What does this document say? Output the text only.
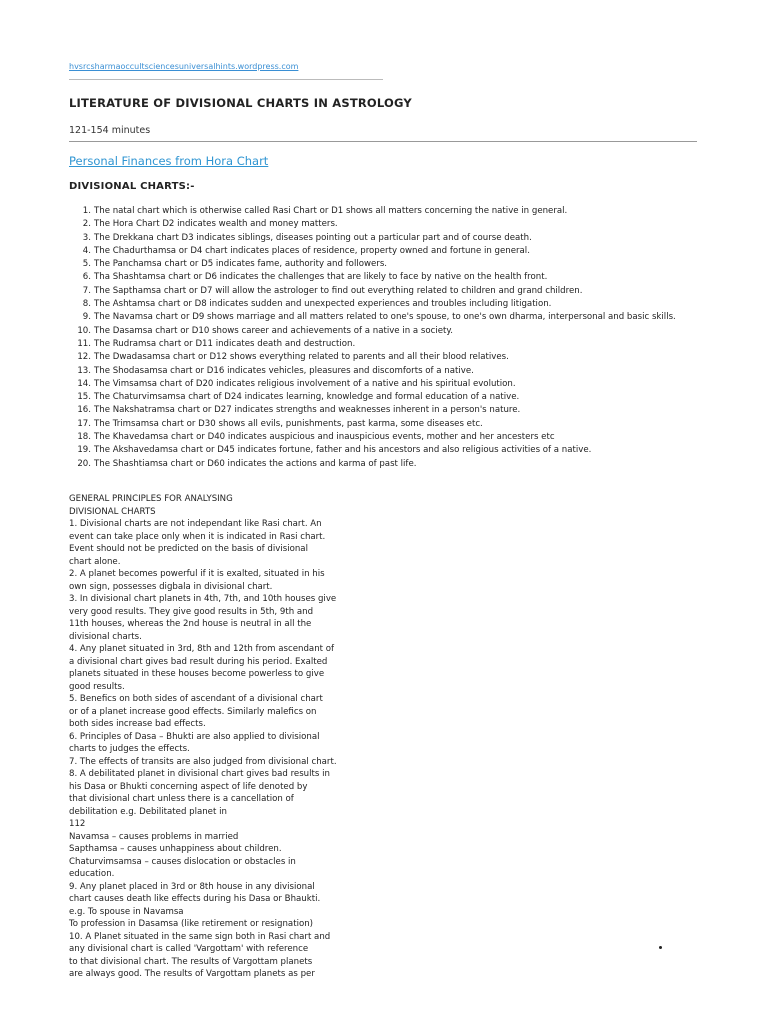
hvsrcsharmaoccultsciencesuniversalhints.wordpress.com
LITERATURE OF DIVISIONAL CHARTS IN ASTROLOGY
121-154 minutes
Personal Finances from Hora Chart
DIVISIONAL CHARTS:-
1. The natal chart which is otherwise called Rasi Chart or D1 shows all matters concerning the native in general.
2. The Hora Chart D2 indicates wealth and money matters.
3. The Drekkana chart D3 indicates siblings, diseases pointing out a particular part and of course death.
4. The Chadurthamsa or D4 chart indicates places of residence, property owned and fortune in general.
5. The Panchamsa chart or D5 indicates fame, authority and followers.
6. Tha Shashtamsa chart or D6 indicates the challenges that are likely to face by native on the health front.
7. The Sapthamsa chart or D7 will allow the astrologer to find out everything related to children and grand children.
8. The Ashtamsa chart or D8 indicates sudden and unexpected experiences and troubles including litigation.
9. The Navamsa chart or D9 shows marriage and all matters related to one's spouse, to one's own dharma, interpersonal and basic skills.
10. The Dasamsa chart or D10 shows career and achievements of a native in a society.
11. The Rudramsa chart or D11 indicates death and destruction.
12. The Dwadasamsa chart or D12 shows everything related to parents and all their blood relatives.
13. The Shodasamsa chart or D16 indicates vehicles, pleasures and discomforts of a native.
14. The Vimsamsa chart of D20 indicates religious involvement of a native and his spiritual evolution.
15. The Chaturvimsamsa chart of D24 indicates learning, knowledge and formal education of a native.
16. The Nakshatramsa chart or D27 indicates strengths and weaknesses inherent in a person's nature.
17. The Trimsamsa chart or D30 shows all evils, punishments, past karma, some diseases etc.
18. The Khavedamsa chart or D40 indicates auspicious and inauspicious events, mother and her ancesters etc
19. The Akshavedamsa chart or D45 indicates fortune, father and his ancestors and also religious activities of a native.
20. The Shashtiamsa chart or D60 indicates the actions and karma of past life.
GENERAL PRINCIPLES FOR ANALYSING
DIVISIONAL CHARTS
1. Divisional charts are not independant like Rasi chart. An
event can take place only when it is indicated in Rasi chart.
Event should not be predicted on the basis of divisional
chart alone.
2. A planet becomes powerful if it is exalted, situated in his
own sign, possesses digbala in divisional chart.
3. In divisional chart planets in 4th, 7th, and 10th houses give
very good results. They give good results in 5th, 9th and
11th houses, whereas the 2nd house is neutral in all the
divisional charts.
4. Any planet situated in 3rd, 8th and 12th from ascendant of
a divisional chart gives bad result during his period. Exalted
planets situated in these houses become powerless to give
good results.
5. Benefics on both sides of ascendant of a divisional chart
or of a planet increase good effects. Similarly malefics on
both sides increase bad effects.
6. Principles of Dasa – Bhukti are also applied to divisional
charts to judges the effects.
7. The effects of transits are also judged from divisional chart.
8. A debilitated planet in divisional chart gives bad results in
his Dasa or Bhukti concerning aspect of life denoted by
that divisional chart unless there is a cancellation of
debilitation e.g. Debilitated planet in
112
Navamsa – causes problems in married
Sapthamsa – causes unhappiness about children.
Chaturvimsamsa – causes dislocation or obstacles in
education.
9. Any planet placed in 3rd or 8th house in any divisional
chart causes death like effects during his Dasa or Bhaukti.
e.g. To spouse in Navamsa
To profession in Dasamsa (like retirement or resignation)
10. A Planet situated in the same sign both in Rasi chart and
any divisional chart is called 'Vargottam' with reference
to that divisional chart. The results of Vargottam planets
are always good. The results of Vargottam planets as per
